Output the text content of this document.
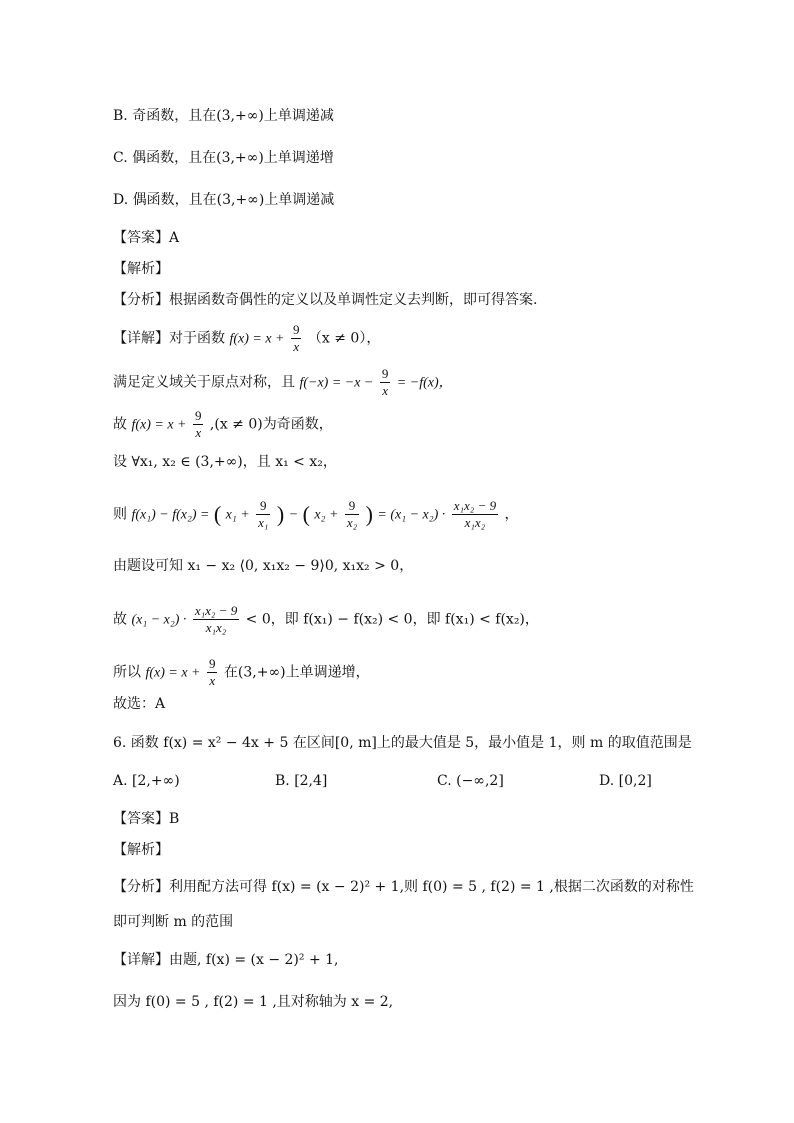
B. 奇函数，且在(3,+∞)上单调递减
C. 偶函数，且在(3,+∞)上单调递增
D. 偶函数，且在(3,+∞)上单调递减
【答案】A
【解析】
【分析】根据函数奇偶性的定义以及单调性定义去判断，即可得答案.
【详解】对于函数 $f(x) = x + \frac{9}{x} (x \ne 0)$，
满足定义域关于原点对称，且 $f(-x) = -x - \frac{9}{x} = -f(x)$，
故 $f(x) = x + \frac{9}{x} ,(x \ne 0)$为奇函数，
设 ∀x₁, x₂ ∈ (3,+∞)，且 x₁ < x₂，
则 f(x₁) − f(x₂) = ( $x_1 + \frac{9}{\text{x₁}}$ ) − ( $x_2 + \frac{9}{\text{x₂}}$ ) = $(x_1 - x_2) \cdot \frac{\text{x₁x₂ − 9}}{\text{x₁x₂}}$ ，
由题设可知 x₁ − x₂ ⟨0, x₁x₂ − 9⟩0, x₁x₂ > 0，
故 $(x_1 - x_2) \cdot \frac{\text{x₁x₂ − 9}}{\text{x₁x₂}} < 0$，即 f(x₁) − f(x₂) < 0，即 f(x₁) < f(x₂)，
所以 $f(x) = x + \frac{9}{x}$ 在(3,+∞)上单调递增，
故选：A
6. 函数 f(x) = x² − 4x + 5 在区间[0, m]上的最大值是 5，最小值是 1，则 m 的取值范围是
A. [2,+∞)	B. [2,4]	C. (−∞,2]	D. [0,2]
【答案】B
【解析】
【分析】利用配方法可得 f(x) = (x − 2)² + 1,则 f(0) = 5 , f(2) = 1 ,根据二次函数的对称性
即可判断 m 的范围
【详解】由题, f(x) = (x − 2)² + 1,
因为 f(0) = 5 , f(2) = 1 ,且对称轴为 x = 2,
